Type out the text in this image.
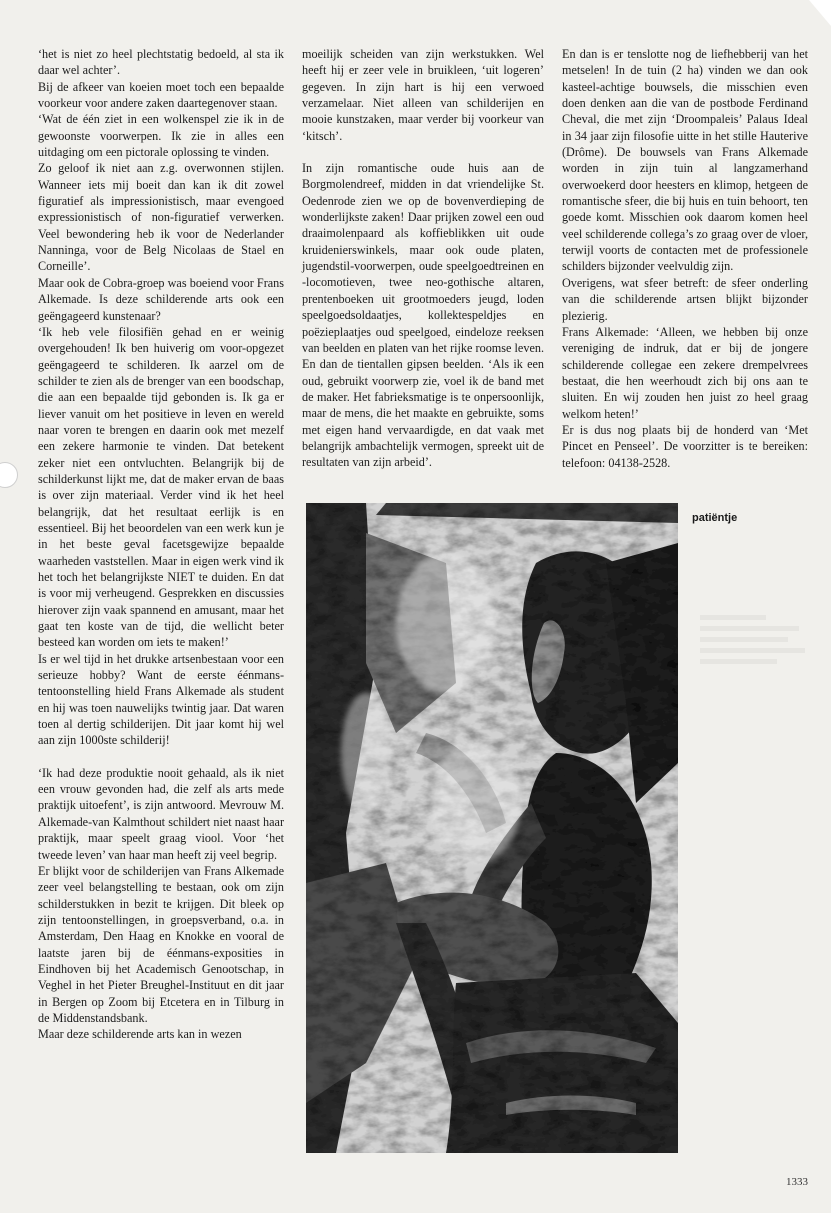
‘het is niet zo heel plechtstatig bedoeld, al sta ik daar wel achter’.

Bij de afkeer van koeien moet toch een bepaalde voorkeur voor andere zaken daartegenover staan.

‘Wat de één ziet in een wolkenspel zie ik in de gewoonste voorwerpen. Ik zie in alles een uitdaging om een pictorale oplossing te vinden.

Zo geloof ik niet aan z.g. overwonnen stijlen. Wanneer iets mij boeit dan kan ik dit zowel figuratief als impressionistisch, maar evengoed expressionistisch of non-figuratief verwerken. Veel bewondering heb ik voor de Nederlander Nanninga, voor de Belg Nicolaas de Stael en Corneille’.

Maar ook de Cobra-groep was boeiend voor Frans Alkemade. Is deze schilderende arts ook een geëngageerd kunstenaar?

‘Ik heb vele filosifiën gehad en er weinig overgehouden! Ik ben huiverig om voor-opgezet geëngageerd te schilderen. Ik aarzel om de schilder te zien als de brenger van een boodschap, die aan een bepaalde tijd gebonden is. Ik ga er liever vanuit om het positieve in leven en wereld naar voren te brengen en daarin ook met mezelf een zekere harmonie te vinden. Dat betekent zeker niet een ontvluchten. Belangrijk bij de schilderkunst lijkt me, dat de maker ervan de baas is over zijn materiaal. Verder vind ik het heel belangrijk, dat het resultaat eerlijk is en essentieel. Bij het beoordelen van een werk kun je in het beste geval facetsgewijze bepaalde waarheden vaststellen. Maar in eigen werk vind ik het toch het belangrijkste NIET te duiden. En dat is voor mij verheugend. Gesprekken en discussies hierover zijn vaak spannend en amusant, maar het gaat ten koste van de tijd, die wellicht beter besteed kan worden om iets te maken!’

Is er wel tijd in het drukke artsenbestaan voor een serieuze hobby? Want de eerste éénmans-tentoonstelling hield Frans Alkemade als student en hij was toen nauwelijks twintig jaar. Dat waren toen al dertig schilderijen. Dit jaar komt hij wel aan zijn 1000ste schilderij!

‘Ik had deze produktie nooit gehaald, als ik niet een vrouw gevonden had, die zelf als arts mede praktijk uitoefent’, is zijn antwoord. Mevrouw M. Alkemade-van Kalmthout schildert niet naast haar praktijk, maar speelt graag viool. Voor ‘het tweede leven’ van haar man heeft zij veel begrip.

Er blijkt voor de schilderijen van Frans Alkemade zeer veel belangstelling te bestaan, ook om zijn schilderstukken in bezit te krijgen. Dit bleek op zijn tentoonstellingen, in groepsverband, o.a. in Amsterdam, Den Haag en Knokke en vooral de laatste jaren bij de éénmans-exposities in Eindhoven bij het Academisch Genootschap, in Veghel in het Pieter Breughel-Instituut en dit jaar in Bergen op Zoom bij Etcetera en in Tilburg in de Middenstandsbank.

Maar deze schilderende arts kan in wezen

moeilijk scheiden van zijn werkstukken. Wel heeft hij er zeer vele in bruikleen, ‘uit logeren’ gegeven. In zijn hart is hij een verwoed verzamelaar. Niet alleen van schilderijen en mooie kunstzaken, maar verder bij voorkeur van ‘kitsch’.

In zijn romantische oude huis aan de Borgmolendreef, midden in dat vriendelijke St. Oedenrode zien we op de bovenverdieping de wonderlijkste zaken! Daar prijken zowel een oud draaimolenpaard als koffieblikken uit oude kruidenierswinkels, maar ook oude platen, jugendstil-voorwerpen, oude speelgoedtreinen en -locomotieven, twee neo-gothische altaren, prentenboeken uit grootmoeders jeugd, loden speelgoedsoldaatjes, kollektespeldjes en poëzieplaatjes oud speelgoed, eindeloze reeksen van beelden en platen van het rijke roomse leven. En dan de tientallen gipsen beelden. ‘Als ik een oud, gebruikt voorwerp zie, voel ik de band met de maker. Het fabrieksmatige is te onpersoonlijk, maar de mens, die het maakte en gebruikte, soms met eigen hand vervaardigde, en dat vaak met belangrijk ambachtelijk vermogen, spreekt uit de resultaten van zijn arbeid’.

En dan is er tenslotte nog de liefhebberij van het metselen! In de tuin (2 ha) vinden we dan ook kasteel-achtige bouwsels, die misschien even doen denken aan die van de postbode Ferdinand Cheval, die met zijn ‘Droompaleis’ Palaus Ideal in 34 jaar zijn filosofie uitte in het stille Hauterive (Drôme). De bouwsels van Frans Alkemade worden in zijn tuin al langzamerhand overwoekerd door heesters en klimop, hetgeen de romantische sfeer, die bij huis en tuin behoort, ten goede komt. Misschien ook daarom komen heel veel schilderende collega’s zo graag over de vloer, terwijl voorts de contacten met de professionele schilders bijzonder veelvuldig zijn.

Overigens, wat sfeer betreft: de sfeer onderling van die schilderende artsen blijkt bijzonder plezierig.

Frans Alkemade: ‘Alleen, we hebben bij onze vereniging de indruk, dat er bij de jongere schilderende collegae een zekere drempelvrees bestaat, die hen weerhoudt zich bij ons aan te sluiten. En wij zouden hen juist zo heel graag welkom heten!’

Er is dus nog plaats bij de honderd van ‘Met Pincet en Penseel’. De voorzitter is te bereiken: telefoon: 04138-2528.

patiëntje
1333
